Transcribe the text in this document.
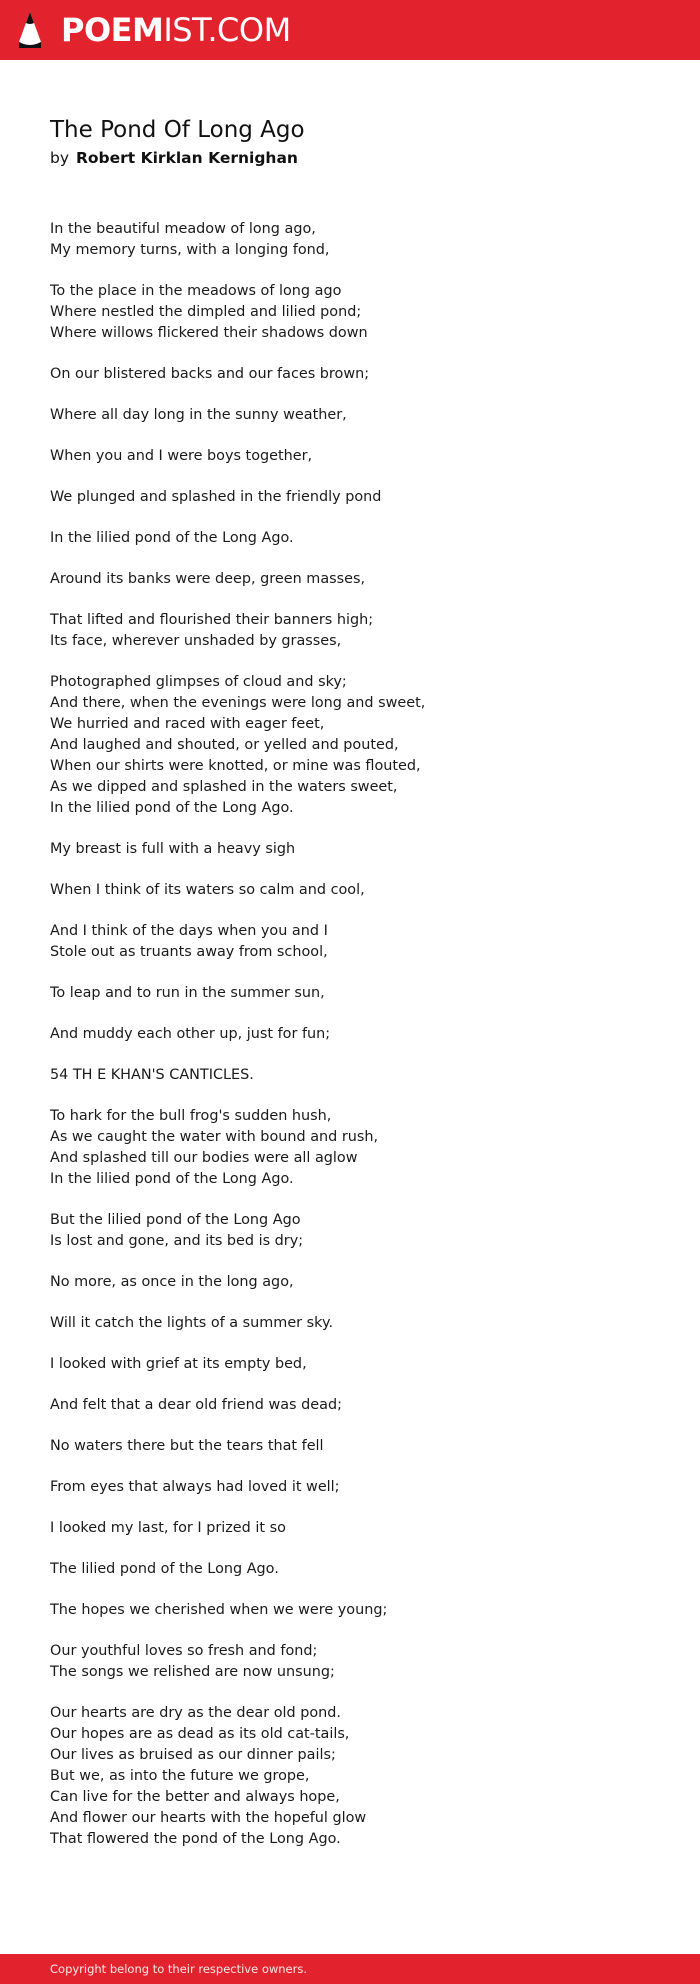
POEMIST.COM
The Pond Of Long Ago
by Robert Kirklan Kernighan
In the beautiful meadow of long ago,
My memory turns, with a longing fond,
To the place in the meadows of long ago
Where nestled the dimpled and lilied pond;
Where willows flickered their shadows down
On our blistered backs and our faces brown;
Where all day long in the sunny weather,
When you and I were boys together,
We plunged and splashed in the friendly pond
In the lilied pond of the Long Ago.
Around its banks were deep, green masses,
That lifted and flourished their banners high;
Its face, wherever unshaded by grasses,
Photographed glimpses of cloud and sky;
And there, when the evenings were long and sweet,
We hurried and raced with eager feet,
And laughed and shouted, or yelled and pouted,
When our shirts were knotted, or mine was flouted,
As we dipped and splashed in the waters sweet,
In the lilied pond of the Long Ago.
My breast is full with a heavy sigh
When I think of its waters so calm and cool,
And I think of the days when you and I
Stole out as truants away from school,
To leap and to run in the summer sun,
And muddy each other up, just for fun;
54 TH E KHAN'S CANTICLES.
To hark for the bull frog's sudden hush,
As we caught the water with bound and rush,
And splashed till our bodies were all aglow
In the lilied pond of the Long Ago.
But the lilied pond of the Long Ago
Is lost and gone, and its bed is dry;
No more, as once in the long ago,
Will it catch the lights of a summer sky.
I looked with grief at its empty bed,
And felt that a dear old friend was dead;
No waters there but the tears that fell
From eyes that always had loved it well;
I looked my last, for I prized it so
The lilied pond of the Long Ago.
The hopes we cherished when we were young;
Our youthful loves so fresh and fond;
The songs we relished are now unsung;
Our hearts are dry as the dear old pond.
Our hopes are as dead as its old cat-tails,
Our lives as bruised as our dinner pails;
But we, as into the future we grope,
Can live for the better and always hope,
And flower our hearts with the hopeful glow
That flowered the pond of the Long Ago.
Copyright belong to their respective owners.
